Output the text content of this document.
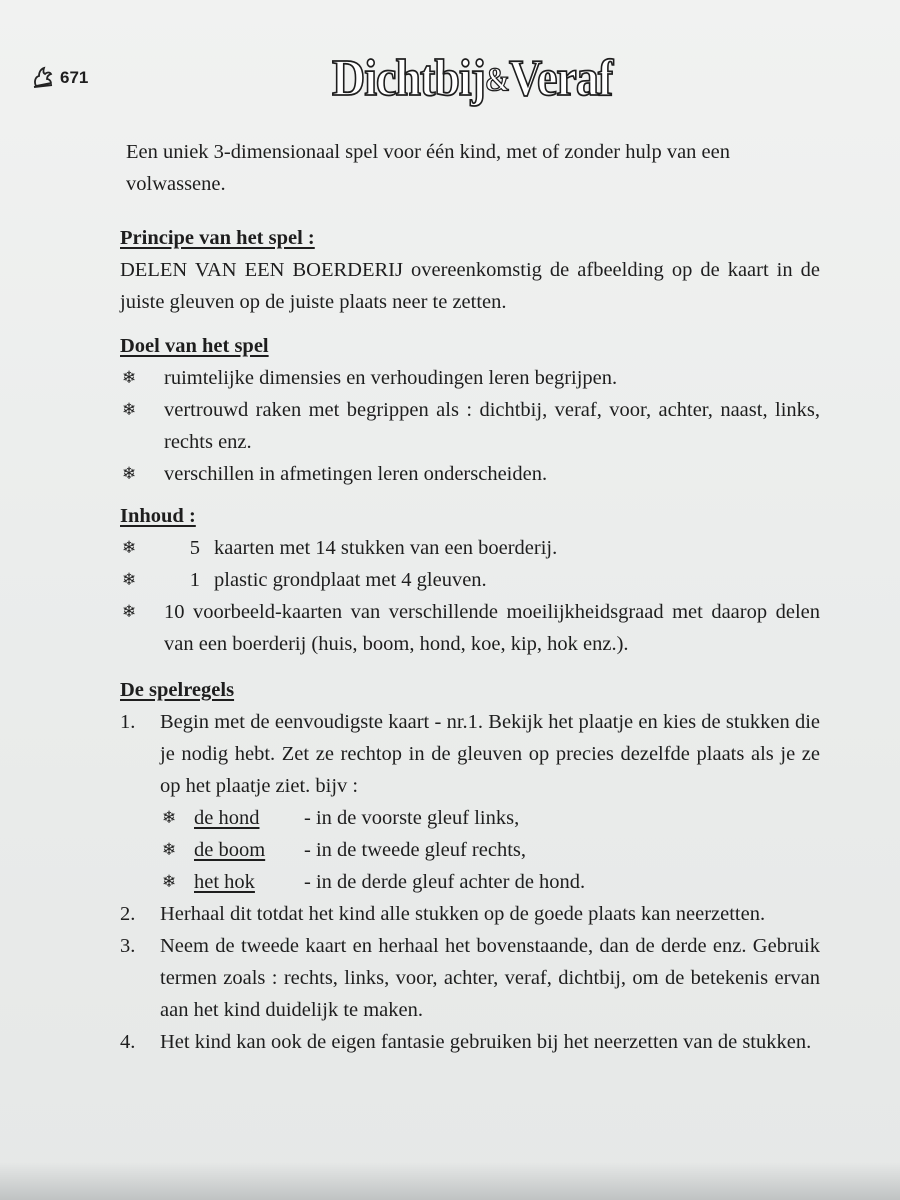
671	Dichtbij&Veraf

Een uniek 3-dimensionaal spel voor één kind, met of zonder hulp van een volwassene.

Principe van het spel :

DELEN VAN EEN BOERDERIJ overeenkomstig de afbeelding op de kaart in de juiste gleuven op de juiste plaats neer te zetten.

Doel van het spel

❄	ruimtelijke dimensies en verhoudingen leren begrijpen.
❄	vertrouwd raken met begrippen als : dichtbij, veraf, voor, achter, naast, links, rechts enz.
❄	verschillen in afmetingen leren onderscheiden.

Inhoud :

❄	5 kaarten met 14 stukken van een boerderij.
❄	1 plastic grondplaat met 4 gleuven.
❄	10 voorbeeld-kaarten van verschillende moeilijkheidsgraad met daarop delen van een boerderij (huis, boom, hond, koe, kip, hok enz.).

De spelregels

1.	Begin met de eenvoudigste kaart - nr.1. Bekijk het plaatje en kies de stukken die je nodig hebt. Zet ze rechtop in de gleuven op precies dezelfde plaats als je ze op het plaatje ziet. bijv :
❄ de hond	- in de voorste gleuf links,
❄ de boom	- in de tweede gleuf rechts,
❄ het hok	- in de derde gleuf achter de hond.
2.	Herhaal dit totdat het kind alle stukken op de goede plaats kan neerzetten.
3.	Neem de tweede kaart en herhaal het bovenstaande, dan de derde enz. Gebruik termen zoals : rechts, links, voor, achter, veraf, dichtbij, om de betekenis ervan aan het kind duidelijk te maken.
4.	Het kind kan ook de eigen fantasie gebruiken bij het neerzetten van de stukken.
